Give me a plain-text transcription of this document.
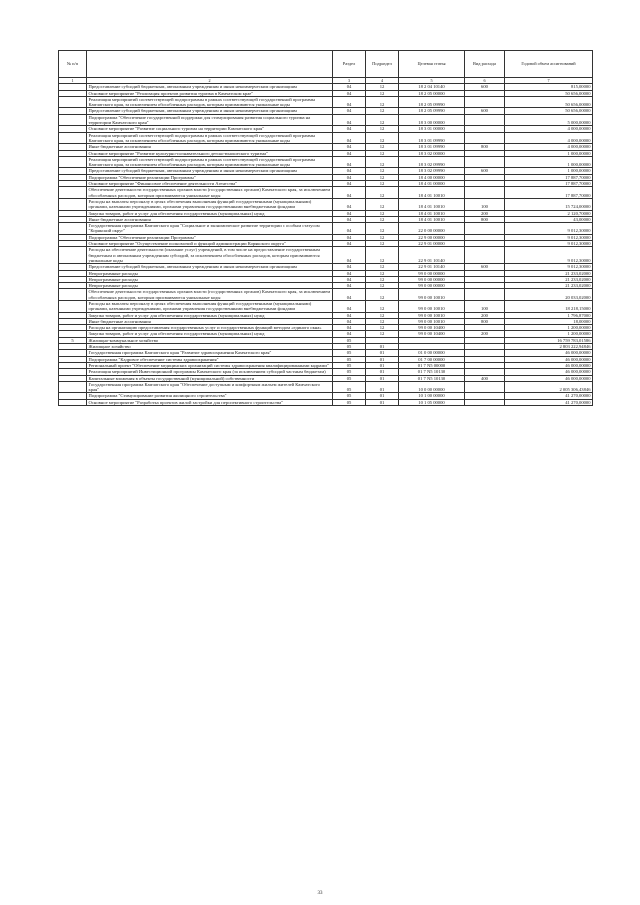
№ п/п		Раздел	Подраздел	Целевая статья	Вид расхода	Годовой объем ассигнований
1	2	3	4	5	6	7
	Предоставление субсидий бюджетным, автономным учреждениям и иным некоммерческим организациям	04	12	18 2 04 10140	600	815,00000
	Основное мероприятие "Реализация проектов развития туризма в Камчатском крае"	04	12	18 2 05 00000		50 656,00000
	Реализация мероприятий соответствующей подпрограммы в рамках соответствующей государственной программы Камчатского края, за исключением обособленных расходов, которым присваиваются уникальные коды	04	12	18 2 05 09990		50 656,00000
	Предоставление субсидий бюджетным, автономным учреждениям и иным некоммерческим организациям	04	12	18 2 05 09990	600	50 656,00000
	Подпрограмма "Обеспечение государственной поддержки для стимулирования развития социального туризма на территории Камчатского края"	04	12	18 3 00 00000		5 000,00000
	Основное мероприятие "Развитие социального туризма на территории Камчатского края"	04	12	18 3 01 00000		4 000,00000
	Реализация мероприятий соответствующей подпрограммы в рамках соответствующей государственной программы Камчатского края, за исключением обособленных расходов, которым присваиваются уникальные коды	04	12	18 3 01 09990		4 000,00000
	Иные бюджетные ассигнования	04	12	18 3 01 09990	800	4 000,00000
	Основное мероприятие "Развитие культурно-познавательного детско-юношеского туризма"	04	12	18 3 02 00000		1 000,00000
	Реализация мероприятий соответствующей подпрограммы в рамках соответствующей государственной программы Камчатского края, за исключением обособленных расходов, которым присваиваются уникальные коды	04	12	18 3 02 09990		1 000,00000
	Предоставление субсидий бюджетным, автономным учреждениям и иным некоммерческим организациям	04	12	18 3 02 09990	600	1 000,00000
	Подпрограмма "Обеспечение реализации Программы"	04	12	18 4 00 00000		17 887,70000
	Основное мероприятие "Финансовое обеспечение деятельности Агентства"	04	12	18 4 01 00000		17 887,70000
	Обеспечение деятельности государственных органов власти (государственных органов) Камчатского края, за исключением обособленных расходов, которым присваиваются уникальные коды	04	12	18 4 01 10010		17 887,70000
	Расходы на выплаты персоналу в целях обеспечения выполнения функций государственными (муниципальными) органами, казенными учреждениями, органами управления государственными внебюджетными фондами	04	12	18 4 01 10010	100	15 724,00000
	Закупка товаров, работ и услуг для обеспечения государственных (муниципальных) нужд	04	12	18 4 01 10010	200	2 120,70000
	Иные бюджетные ассигнования	04	12	18 4 01 10010	800	43,00000
	Государственная программа Камчатского края "Социальное и экономическое развитие территории с особым статусом "Корякский округ"	04	12	22 0 00 00000		9 012,30000
	Подпрограмма "Обеспечение реализации Программы"	04	12	22 9 00 00000		9 012,30000
	Основное мероприятие "Осуществление полномочий и функций администрации Корякского округа"	04	12	22 9 01 00000		9 012,30000
	Расходы на обеспечение деятельности (оказание услуг) учреждений, в том числе на предоставление государственным бюджетным и автономным учреждениям субсидий, за исключением обособленных расходов, которым присваиваются уникальные коды	04	12	22 9 01 10140		9 012,30000
	Предоставление субсидий бюджетным, автономным учреждениям и иным некоммерческим организациям	04	12	22 9 01 10140	600	9 012,30000
	Непрограммные расходы	04	12	99 0 00 00000		21 233,02000
	Непрограммные расходы	04	12	99 0 00 00000		21 233,02000
	Непрограммные расходы	04	12	99 0 00 00000		21 233,02000
	Обеспечение деятельности государственных органов власти (государственных органов) Камчатского края, за исключением обособленных расходов, которым присваиваются уникальные коды	04	12	99 0 00 10010		20 033,02000
	Расходы на выплаты персоналу в целях обеспечения выполнения функций государственными (муниципальными) органами, казенными учреждениями, органами управления государственными внебюджетными фондами	04	12	99 0 00 10010	100	18 218,15000
	Закупка товаров, работ и услуг для обеспечения государственных (муниципальных) нужд	04	12	99 0 00 10010	200	1 796,87000
	Иные бюджетные ассигнования	04	12	99 0 00 10010	800	18,00000
	Расходы на организацию предоставления государственных услуг и государственных функций методом «единого окна»	04	12	99 0 00 10400		1 200,00000
	Закупка товаров, работ и услуг для обеспечения государственных (муниципальных) нужд	04	12	99 0 00 10400	200	1 200,00000
5	Жилищно-коммунальное хозяйство	05				16 759 783,01586
	Жилищное хозяйство	05	01			2 803 222,94846
	Государственная программа Камчатского края "Развитие здравоохранения Камчатского края"	05	01	01 0 00 00000		46 000,00000
	Подпрограмма "Кадровое обеспечение системы здравоохранения"	05	01	01 7 00 00000		46 000,00000
	Региональный проект "Обеспечение медицинских организаций системы здравоохранения квалифицированными кадрами"	05	01	01 7 N5 00000		46 000,00000
	Реализация мероприятий Инвестиционной программы Камчатского края (за исключением субсидий частным бюджетам)	05	01	01 7 N5 10130		46 000,00000
	Капитальные вложения в объекты государственной (муниципальной) собственности	05	01	01 7 N5 10130	400	46 000,00000
	Государственная программа Камчатского края "Обеспечение доступным и комфортным жильем жителей Камчатского края"	05	01	10 0 00 00000		2 005 306,43846
	Подпрограмма "Стимулирование развития жилищного строительства"	05	01	10 1 00 00000		41 270,00000
	Основное мероприятие "Разработка проектов жилой застройки для перспективного строительства"	05	01	10 1 05 00000		41 270,00000
33
